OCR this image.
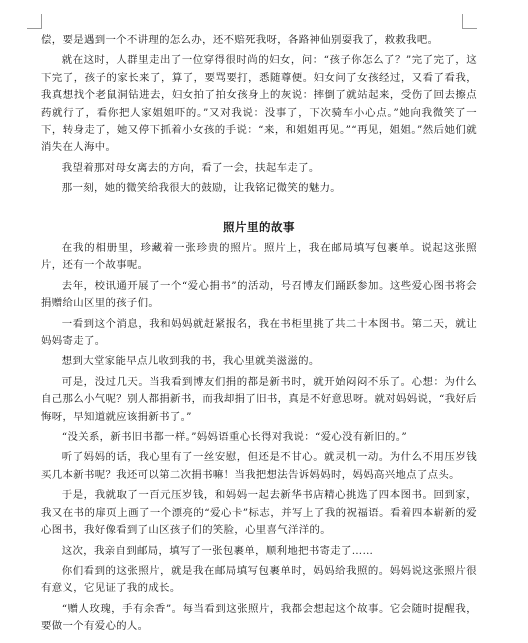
偿，要是遇到一个不讲理的怎么办，还不赔死我呀，各路神仙别耍我了，救救我吧。

就在这时，人群里走出了一位穿得很时尚的妇女，问：“孩子你怎么了？”完了完了，这下完了，孩子的家长来了，算了，要骂要打，悉随尊便。妇女问了女孩经过，又看了看我，我真想找个老鼠洞钻进去，妇女拍了拍女孩身上的灰说：摔倒了就站起来，受伤了回去擦点药就行了，看你把人家姐姐吓的。”又对我说：没事了，下次骑车小心点。”她向我微笑了一下，转身走了，她又停下抓着小女孩的手说：“来，和姐姐再见。”“再见，姐姐。”然后她们就消失在人海中。

我望着那对母女离去的方向，看了一会，扶起车走了。

那一刻，她的微笑给我很大的鼓励，让我铭记微笑的魅力。

照片里的故事

在我的相册里，珍藏着一张珍贵的照片。照片上，我在邮局填写包裹单。说起这张照片，还有一个故事呢。

去年，校讯通开展了一个“爱心捐书”的活动，号召博友们踊跃参加。这些爱心图书将会捐赠给山区里的孩子们。

一看到这个消息，我和妈妈就赶紧报名，我在书柜里挑了共二十本图书。第二天，就让妈妈寄走了。

想到大堂家能早点儿收到我的书，我心里就美滋滋的。

可是，没过几天。当我看到博友们捐的都是新书时，就开始闷闷不乐了。心想：为什么自己那么小气呢？别人都捐新书，而我却捐了旧书，真是不好意思呀。就对妈妈说，“我好后悔呀，早知道就应该捐新书了。”

“没关系，新书旧书都一样。”妈妈语重心长得对我说：“爱心没有新旧的。”

听了妈妈的话，我心里有了一丝安慰，但还是不甘心。就灵机一动。为什么不用压岁钱买几本新书呢？我还可以第二次捐书嘛！当我把想法告诉妈妈时，妈妈高兴地点了点头。

于是，我就取了一百元压岁钱，和妈妈一起去新华书店精心挑选了四本图书。回到家，我又在书的扉页上画了一个漂亮的“爱心卡”标志，并写上了我的祝福语。看着四本崭新的爱心图书，我好像看到了山区孩子们的笑脸，心里喜气洋洋的。

这次，我亲自到邮局，填写了一张包裹单，顺利地把书寄走了……

你们看到的这张照片，就是我在邮局填写包裹单时，妈妈给我照的。妈妈说这张照片很有意义，它见证了我的成长。

“赠人玫瑰，手有余香”。每当看到这张照片，我都会想起这个故事。它会随时提醒我，要做一个有爱心的人。
